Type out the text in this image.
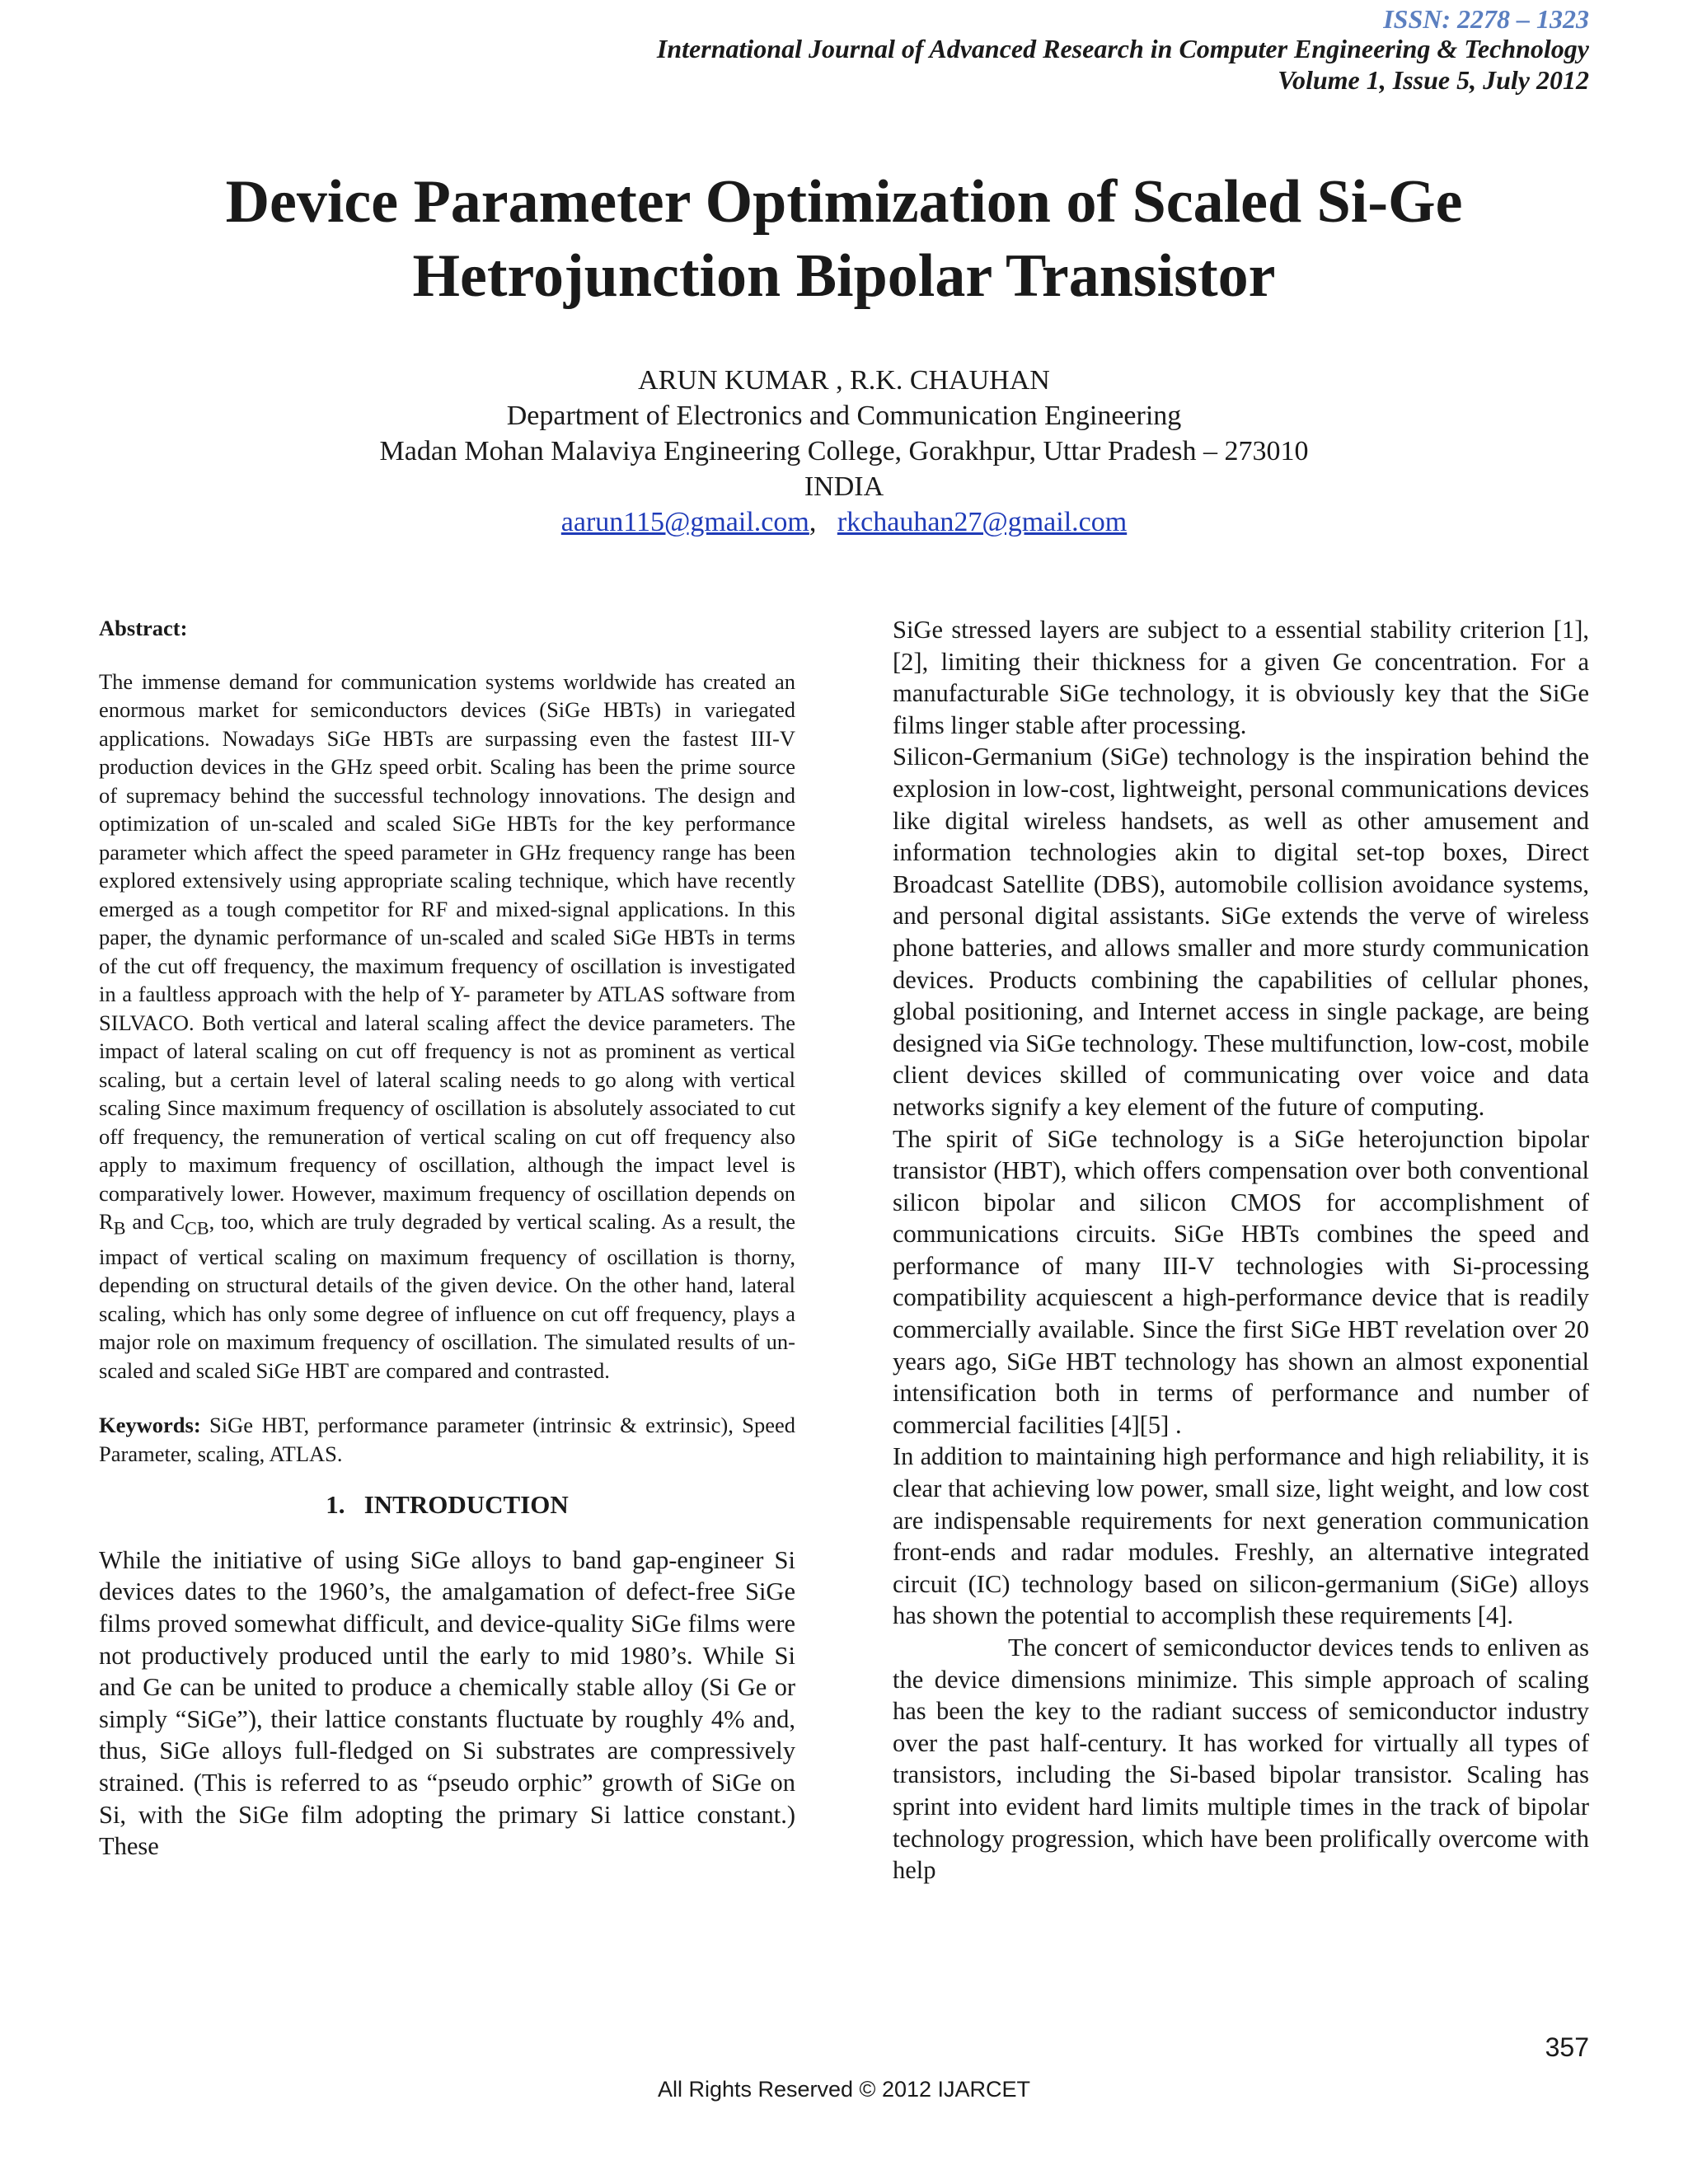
ISSN: 2278 – 1323

International Journal of Advanced Research in Computer Engineering & Technology

Volume 1, Issue 5, July 2012

Device Parameter Optimization of Scaled Si-Ge
Hetrojunction Bipolar Transistor
ARUN KUMAR , R.K. CHAUHAN
Department of Electronics and Communication Engineering
Madan Mohan Malaviya Engineering College, Gorakhpur, Uttar Pradesh – 273010
INDIA
aarun115@gmail.com, rkchauhan27@gmail.com

Abstract:

The immense demand for communication systems worldwide has created an enormous market for semiconductors devices (SiGe HBTs) in variegated applications. Nowadays SiGe HBTs are surpassing even the fastest III-V production devices in the GHz speed orbit. Scaling has been the prime source of supremacy behind the successful technology innovations. The design and optimization of un-scaled and scaled SiGe HBTs for the key performance parameter which affect the speed parameter in GHz frequency range has been explored extensively using appropriate scaling technique, which have recently emerged as a tough competitor for RF and mixed-signal applications. In this paper, the dynamic performance of un-scaled and scaled SiGe HBTs in terms of the cut off frequency, the maximum frequency of oscillation is investigated in a faultless approach with the help of Y- parameter by ATLAS software from SILVACO. Both vertical and lateral scaling affect the device parameters. The impact of lateral scaling on cut off frequency is not as prominent as vertical scaling, but a certain level of lateral scaling needs to go along with vertical scaling Since maximum frequency of oscillation is absolutely associated to cut off frequency, the remuneration of vertical scaling on cut off frequency also apply to maximum frequency of oscillation, although the impact level is comparatively lower. However, maximum frequency of oscillation depends on $R_B$ and $C_{CB}$, too, which are truly degraded by vertical scaling. As a result, the impact of vertical scaling on maximum frequency of oscillation is thorny, depending on structural details of the given device. On the other hand, lateral scaling, which has only some degree of influence on cut off frequency, plays a major role on maximum frequency of oscillation. The simulated results of un-scaled and scaled SiGe HBT are compared and contrasted.

Keywords: SiGe HBT, performance parameter (intrinsic & extrinsic), Speed Parameter, scaling, ATLAS.

1.   INTRODUCTION

While the initiative of using SiGe alloys to band gap-engineer Si devices dates to the 1960’s, the amalgamation of defect-free SiGe films proved somewhat difficult, and device-quality SiGe films were not productively produced until the early to mid 1980’s. While Si and Ge can be united to produce a chemically stable alloy (Si Ge or simply “SiGe”), their lattice constants fluctuate by roughly 4% and, thus, SiGe alloys full-fledged on Si substrates are compressively strained. (This is referred to as “pseudo orphic” growth of SiGe on Si, with the SiGe film adopting the primary Si lattice constant.) These

SiGe stressed layers are subject to a essential stability criterion [1], [2], limiting their thickness for a given Ge concentration. For a manufacturable SiGe technology, it is obviously key that the SiGe films linger stable after processing.

Silicon-Germanium (SiGe) technology is the inspiration behind the explosion in low-cost, lightweight, personal communications devices like digital wireless handsets, as well as other amusement and information technologies akin to digital set-top boxes, Direct Broadcast Satellite (DBS), automobile collision avoidance systems, and personal digital assistants. SiGe extends the verve of wireless phone batteries, and allows smaller and more sturdy communication devices. Products combining the capabilities of cellular phones, global positioning, and Internet access in single package, are being designed via SiGe technology. These multifunction, low-cost, mobile client devices skilled of communicating over voice and data networks signify a key element of the future of computing.

The spirit of SiGe technology is a SiGe heterojunction bipolar transistor (HBT), which offers compensation over both conventional silicon bipolar and silicon CMOS for accomplishment of communications circuits. SiGe HBTs combines the speed and performance of many III-V technologies with Si-processing compatibility acquiescent a high-performance device that is readily commercially available. Since the first SiGe HBT revelation over 20 years ago, SiGe HBT technology has shown an almost exponential intensification both in terms of performance and number of commercial facilities [4][5] .

In addition to maintaining high performance and high reliability, it is clear that achieving low power, small size, light weight, and low cost are indispensable requirements for next generation communication front-ends and radar modules. Freshly, an alternative integrated circuit (IC) technology based on silicon-germanium (SiGe) alloys has shown the potential to accomplish these requirements [4].

The concert of semiconductor devices tends to enliven as the device dimensions minimize. This simple approach of scaling has been the key to the radiant success of semiconductor industry over the past half-century. It has worked for virtually all types of transistors, including the Si-based bipolar transistor. Scaling has sprint into evident hard limits multiple times in the track of bipolar technology progression, which have been prolifically overcome with help

357

All Rights Reserved © 2012 IJARCET
